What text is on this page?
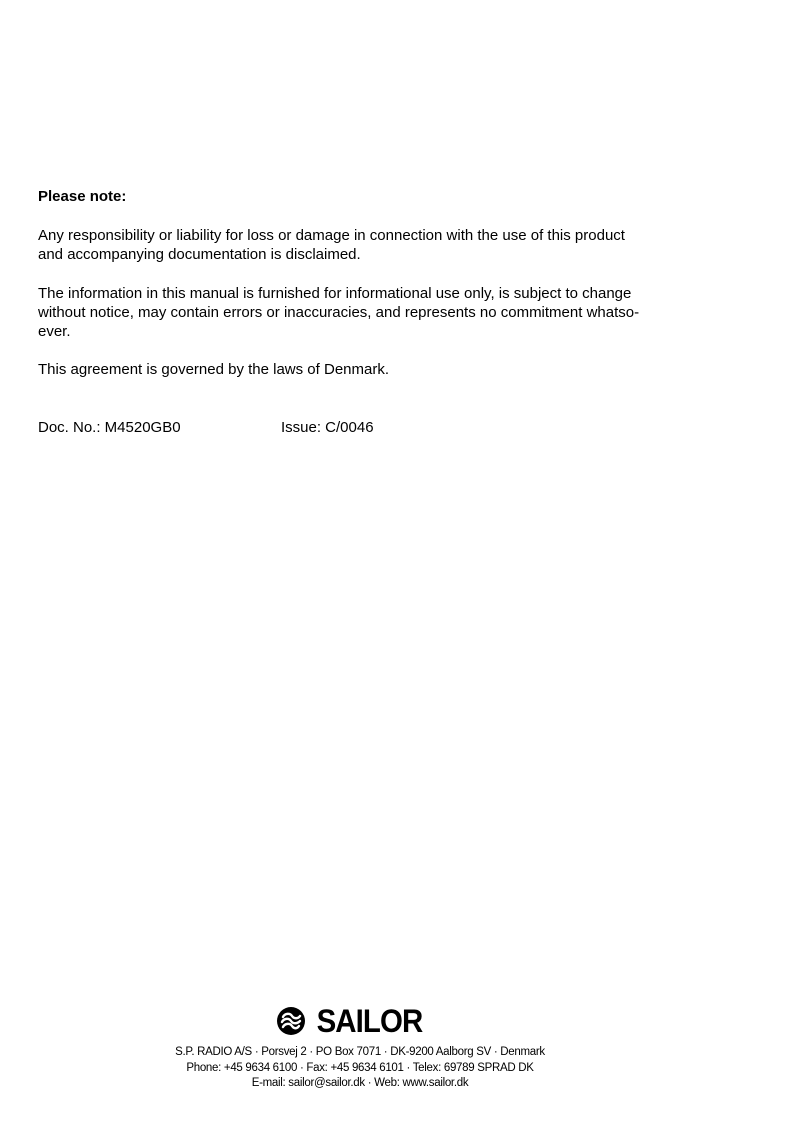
Please note:

Any responsibility or liability for loss or damage in connection with the use of this product
and accompanying documentation is disclaimed.

The information in this manual is furnished for informational use only, is subject to change
without notice, may contain errors or inaccuracies, and represents no commitment whatso-
ever.

This agreement is governed by the laws of Denmark.

Doc. No.: M4520GB0	Issue: C/0046
SAILOR
S.P. RADIO A/S · Porsvej 2 · PO Box 7071 · DK-9200 Aalborg SV · Denmark
Phone: +45 9634 6100 · Fax: +45 9634 6101 · Telex: 69789 SPRAD DK
E-mail: sailor@sailor.dk · Web: www.sailor.dk
